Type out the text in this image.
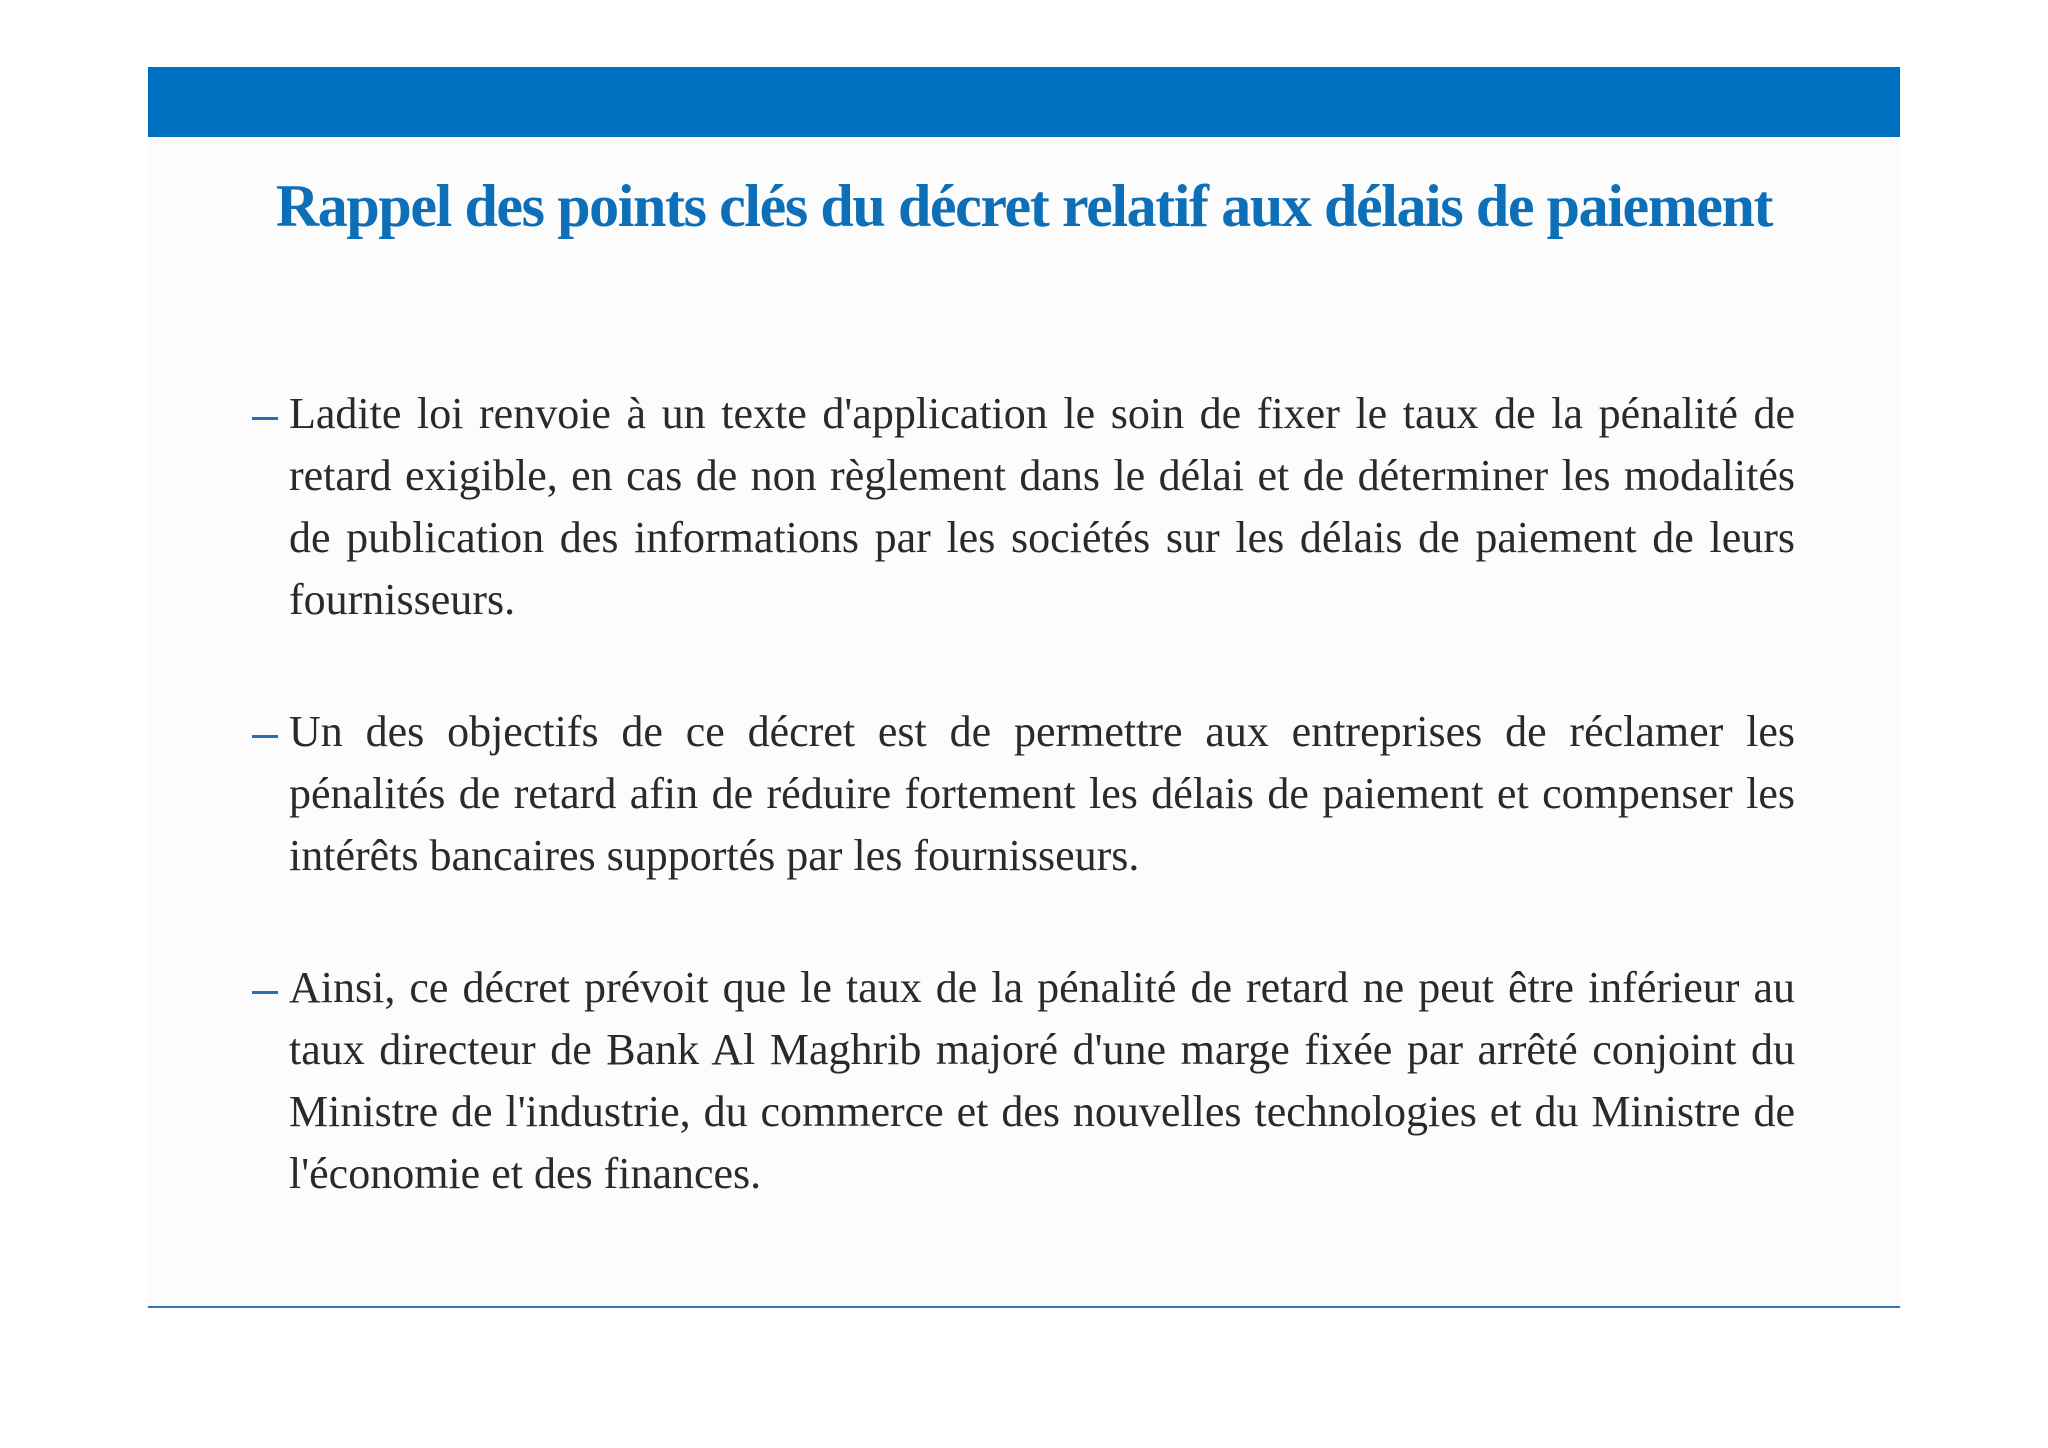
Rappel des points clés du décret relatif aux délais de paiement
Ladite loi renvoie à un texte d'application le soin de fixer le taux de la pénalité de retard exigible, en cas de non règlement dans le délai et de déterminer les modalités de publication des informations par les sociétés sur les délais de paiement de leurs fournisseurs.
Un des objectifs de ce décret est de permettre aux entreprises de réclamer les pénalités de retard afin de réduire fortement les délais de paiement et compenser les intérêts bancaires supportés par les fournisseurs.
Ainsi, ce décret prévoit que le taux de la pénalité de retard ne peut être inférieur au taux directeur de Bank Al Maghrib majoré d'une marge fixée par arrêté conjoint du Ministre de l'industrie, du commerce et des nouvelles technologies et du Ministre de l'économie et des finances.
